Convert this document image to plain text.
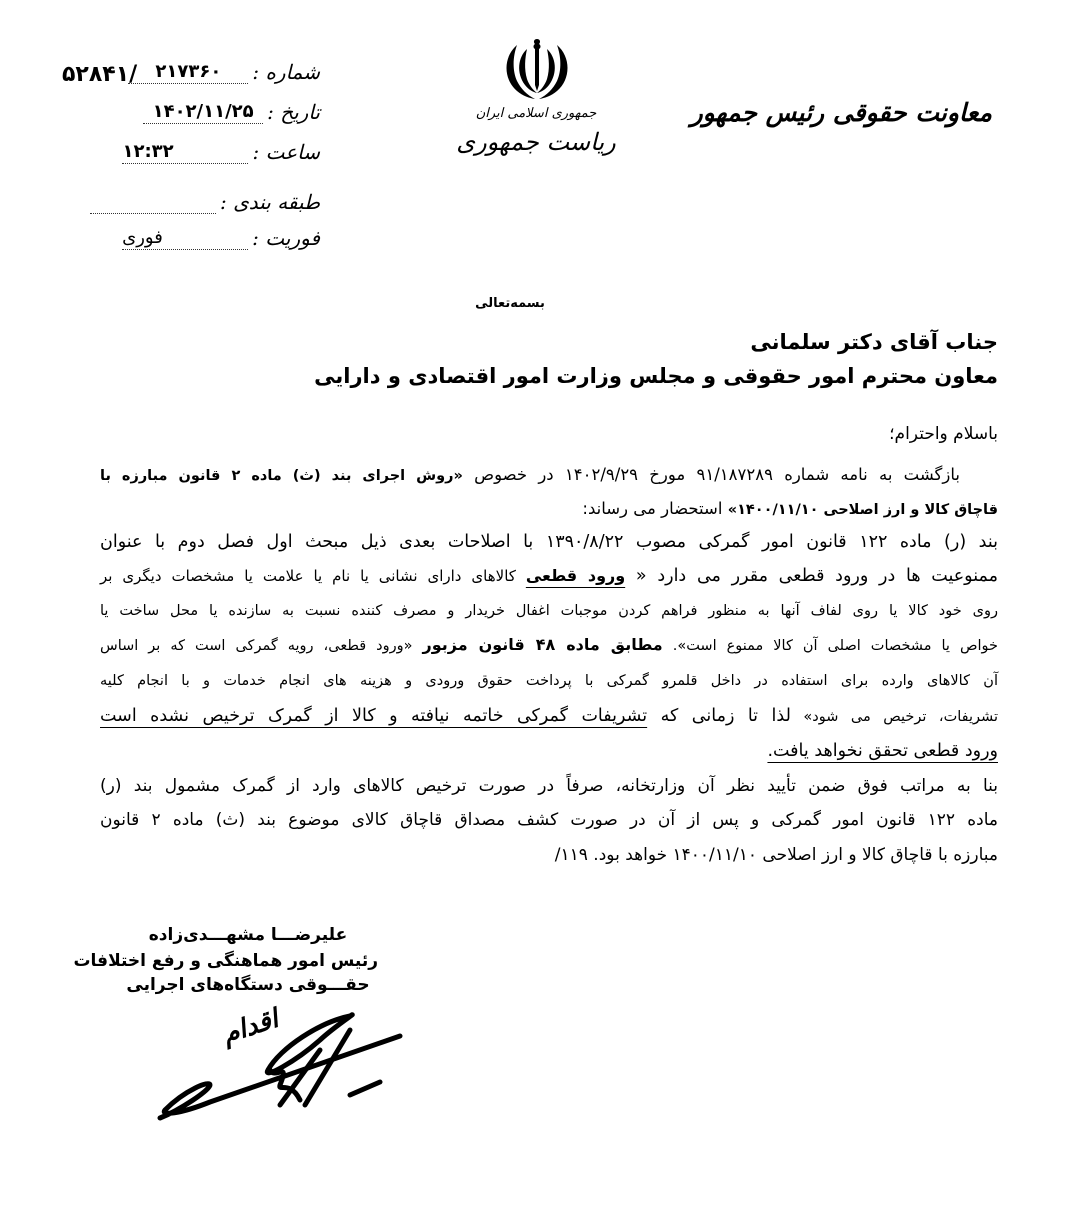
۵۲۸۴۱/	شماره :
۲۱۷۳۶۰
تاریخ :
۱۴۰۲/۱۱/۲۵
ساعت :
۱۲:۳۲
طبقه بندی :
فوریت :
فوری
جمهوری اسلامی ایران
ریاست جمهوری
معاونت حقوقی رئیس جمهور
بسمه‌تعالی
جناب آقای دکتر سلمانی
معاون محترم امور حقوقی و مجلس وزارت امور اقتصادی و دارایی
باسلام واحترام؛
بازگشت به نامه شماره ۹۱/۱۸۷۲۸۹ مورخ ۱۴۰۲/۹/۲۹ در خصوص «روش اجرای بند (ث) ماده ۲ قانون مبارزه با
قاچاق کالا و ارز اصلاحی ۱۴۰۰/۱۱/۱۰» استحضار می رساند:
بند (ر) ماده ۱۲۲ قانون امور گمرکی مصوب ۱۳۹۰/۸/۲۲ با اصلاحات بعدی ذیل مبحث اول فصل دوم با عنوان
ممنوعیت ها در ورود قطعی مقرر می دارد « ورود قطعی کالاهای دارای نشانی یا نام یا علامت یا مشخصات دیگری بر
روی خود کالا یا روی لفاف آنها به منظور فراهم کردن موجبات اغفال خریدار و مصرف کننده نسبت به سازنده یا محل ساخت یا
خواص یا مشخصات اصلی آن کالا ممنوع است». مطابق ماده ۴۸ قانون مزبور «ورود قطعی، رویه گمرکی است که بر اساس
آن کالاهای وارده برای استفاده در داخل قلمرو گمرکی با پرداخت حقوق ورودی و هزینه های انجام خدمات و با انجام کلیه
تشریفات، ترخیص می شود» لذا تا زمانی که تشریفات گمرکی خاتمه نیافته و کالا از گمرک ترخیص نشده است
ورود قطعی تحقق نخواهد یافت.
بنا به مراتب فوق ضمن تأیید نظر آن وزارتخانه، صرفاً در صورت ترخیص کالاهای وارد از گمرک مشمول بند (ر)
ماده ۱۲۲ قانون امور گمرکی و پس از آن در صورت کشف مصداق قاچاق کالای موضوع بند (ث) ماده ۲ قانون
مبارزه با قاچاق کالا و ارز اصلاحی ۱۴۰۰/۱۱/۱۰ خواهد بود. ۱۱۹/
علیرضـــا مشهـــدی‌زاده
رئیس امور هماهنگی و رفع اختلافات
حقـــوقی دستگاه‌های اجرایی
اقدام
